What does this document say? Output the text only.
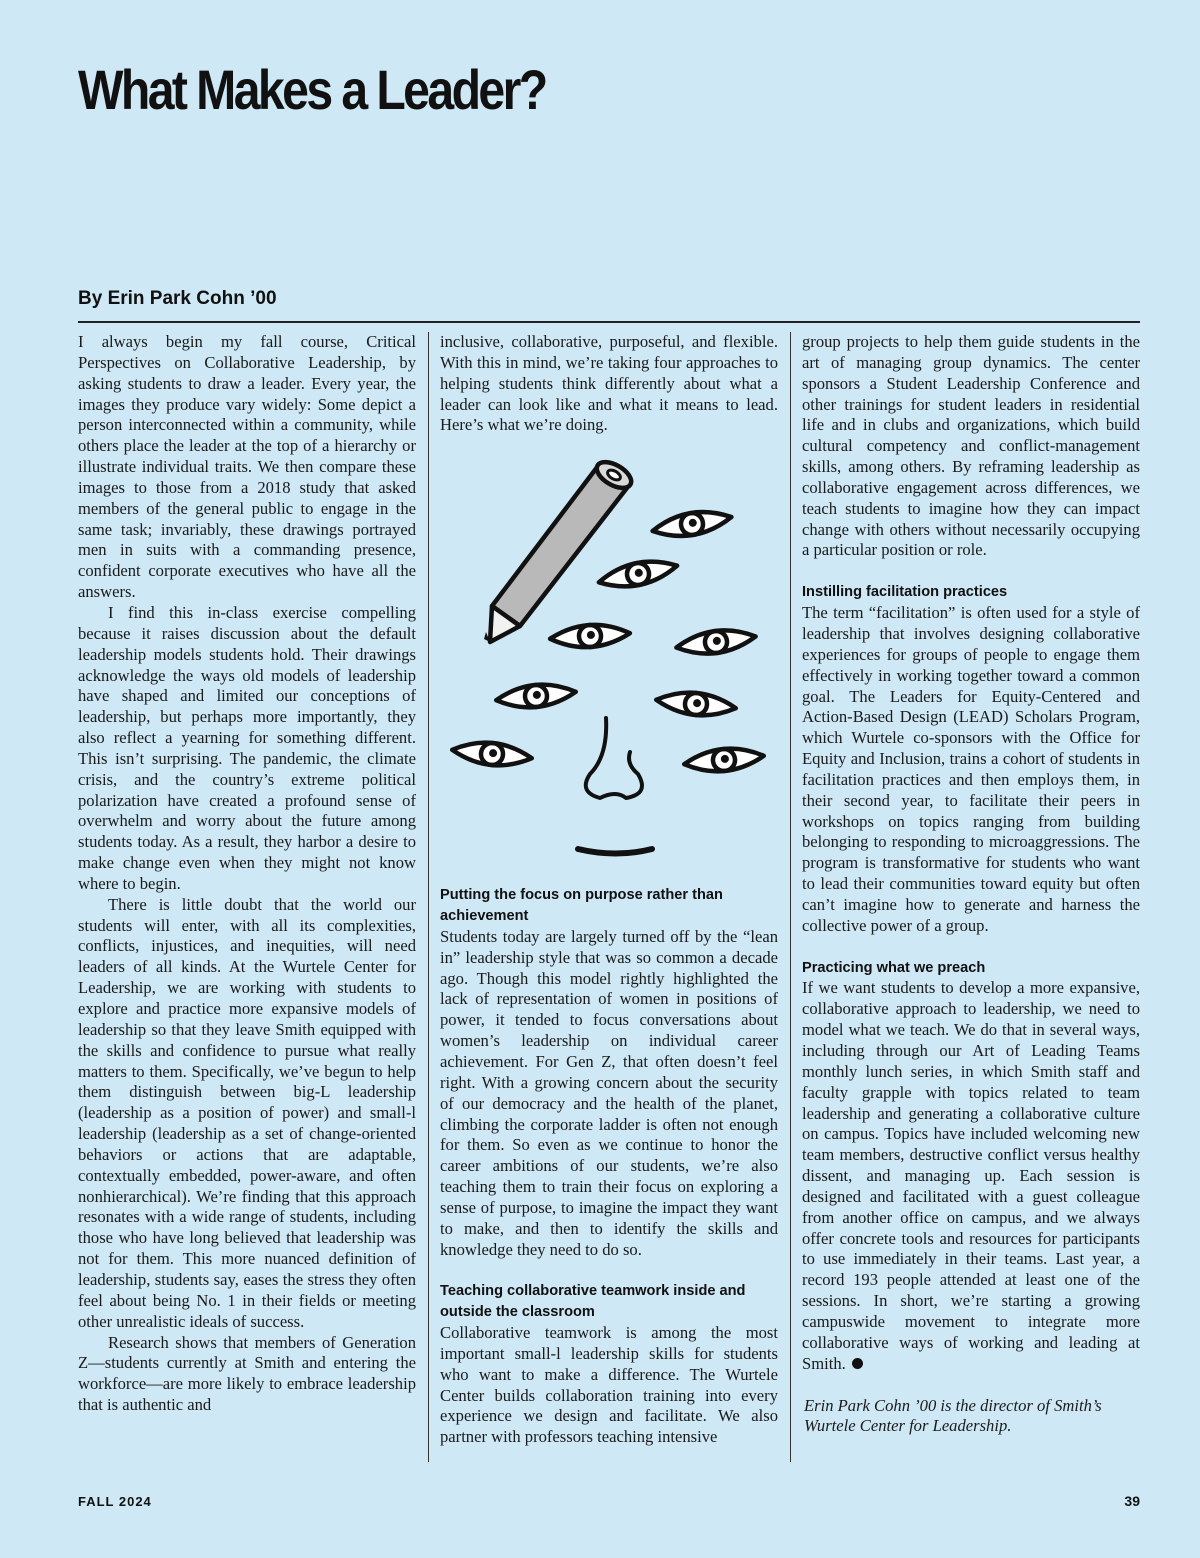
What Makes a Leader?
By Erin Park Cohn ’00

I always begin my fall course, Critical Perspectives on Collaborative Leadership, by asking students to draw a leader. Every year, the images they produce vary widely: Some depict a person interconnected within a community, while others place the leader at the top of a hierarchy or illustrate individual traits. We then compare these images to those from a 2018 study that asked members of the general public to engage in the same task; invariably, these drawings portrayed men in suits with a commanding presence, confident corporate executives who have all the answers.

I find this in-class exercise compelling because it raises discussion about the default leadership models students hold. Their drawings acknowledge the ways old models of leadership have shaped and limited our conceptions of leadership, but perhaps more importantly, they also reflect a yearning for something different. This isn’t surprising. The pandemic, the climate crisis, and the country’s extreme political polarization have created a profound sense of overwhelm and worry about the future among students today. As a result, they harbor a desire to make change even when they might not know where to begin.

There is little doubt that the world our students will enter, with all its complexities, conflicts, injustices, and inequities, will need leaders of all kinds. At the Wurtele Center for Leadership, we are working with students to explore and practice more expansive models of leadership so that they leave Smith equipped with the skills and confidence to pursue what really matters to them. Specifically, we’ve begun to help them distinguish between big-L leadership (leadership as a position of power) and small-l leadership (leadership as a set of change-oriented behaviors or actions that are adaptable, contextually embedded, power-aware, and often nonhierarchical). We’re finding that this approach resonates with a wide range of students, including those who have long believed that leadership was not for them. This more nuanced definition of leadership, students say, eases the stress they often feel about being No. 1 in their fields or meeting other unrealistic ideals of success.

Research shows that members of Generation Z—students currently at Smith and entering the workforce—are more likely to embrace leadership that is authentic and

inclusive, collaborative, purposeful, and flexible. With this in mind, we’re taking four approaches to helping students think differently about what a leader can look like and what it means to lead. Here’s what we’re doing.

Putting the focus on purpose rather than achievement

Students today are largely turned off by the “lean in” leadership style that was so common a decade ago. Though this model rightly highlighted the lack of representation of women in positions of power, it tended to focus conversations about women’s leadership on individual career achievement. For Gen Z, that often doesn’t feel right. With a growing concern about the security of our democracy and the health of the planet, climbing the corporate ladder is often not enough for them. So even as we continue to honor the career ambitions of our students, we’re also teaching them to train their focus on exploring a sense of purpose, to imagine the impact they want to make, and then to identify the skills and knowledge they need to do so.

Teaching collaborative teamwork inside and outside the classroom

Collaborative teamwork is among the most important small-l leadership skills for students who want to make a difference. The Wurtele Center builds collaboration training into every experience we design and facilitate. We also partner with professors teaching intensive

group projects to help them guide students in the art of managing group dynamics. The center sponsors a Student Leadership Conference and other trainings for student leaders in residential life and in clubs and organizations, which build cultural competency and conflict-management skills, among others. By reframing leadership as collaborative engagement across differences, we teach students to imagine how they can impact change with others without necessarily occupying a particular position or role.

Instilling facilitation practices

The term “facilitation” is often used for a style of leadership that involves designing collaborative experiences for groups of people to engage them effectively in working together toward a common goal. The Leaders for Equity-Centered and Action-Based Design (LEAD) Scholars Program, which Wurtele co-sponsors with the Office for Equity and Inclusion, trains a cohort of students in facilitation practices and then employs them, in their second year, to facilitate their peers in workshops on topics ranging from building belonging to responding to microaggressions. The program is transformative for students who want to lead their communities toward equity but often can’t imagine how to generate and harness the collective power of a group.

Practicing what we preach

If we want students to develop a more expansive, collaborative approach to leadership, we need to model what we teach. We do that in several ways, including through our Art of Leading Teams monthly lunch series, in which Smith staff and faculty grapple with topics related to team leadership and generating a collaborative culture on campus. Topics have included welcoming new team members, destructive conflict versus healthy dissent, and managing up. Each session is designed and facilitated with a guest colleague from another office on campus, and we always offer concrete tools and resources for participants to use immediately in their teams. Last year, a record 193 people attended at least one of the sessions. In short, we’re starting a growing campuswide movement to integrate more collaborative ways of working and leading at Smith.

Erin Park Cohn ’00 is the director of Smith’s Wurtele Center for Leadership.

FALL 2024	39
